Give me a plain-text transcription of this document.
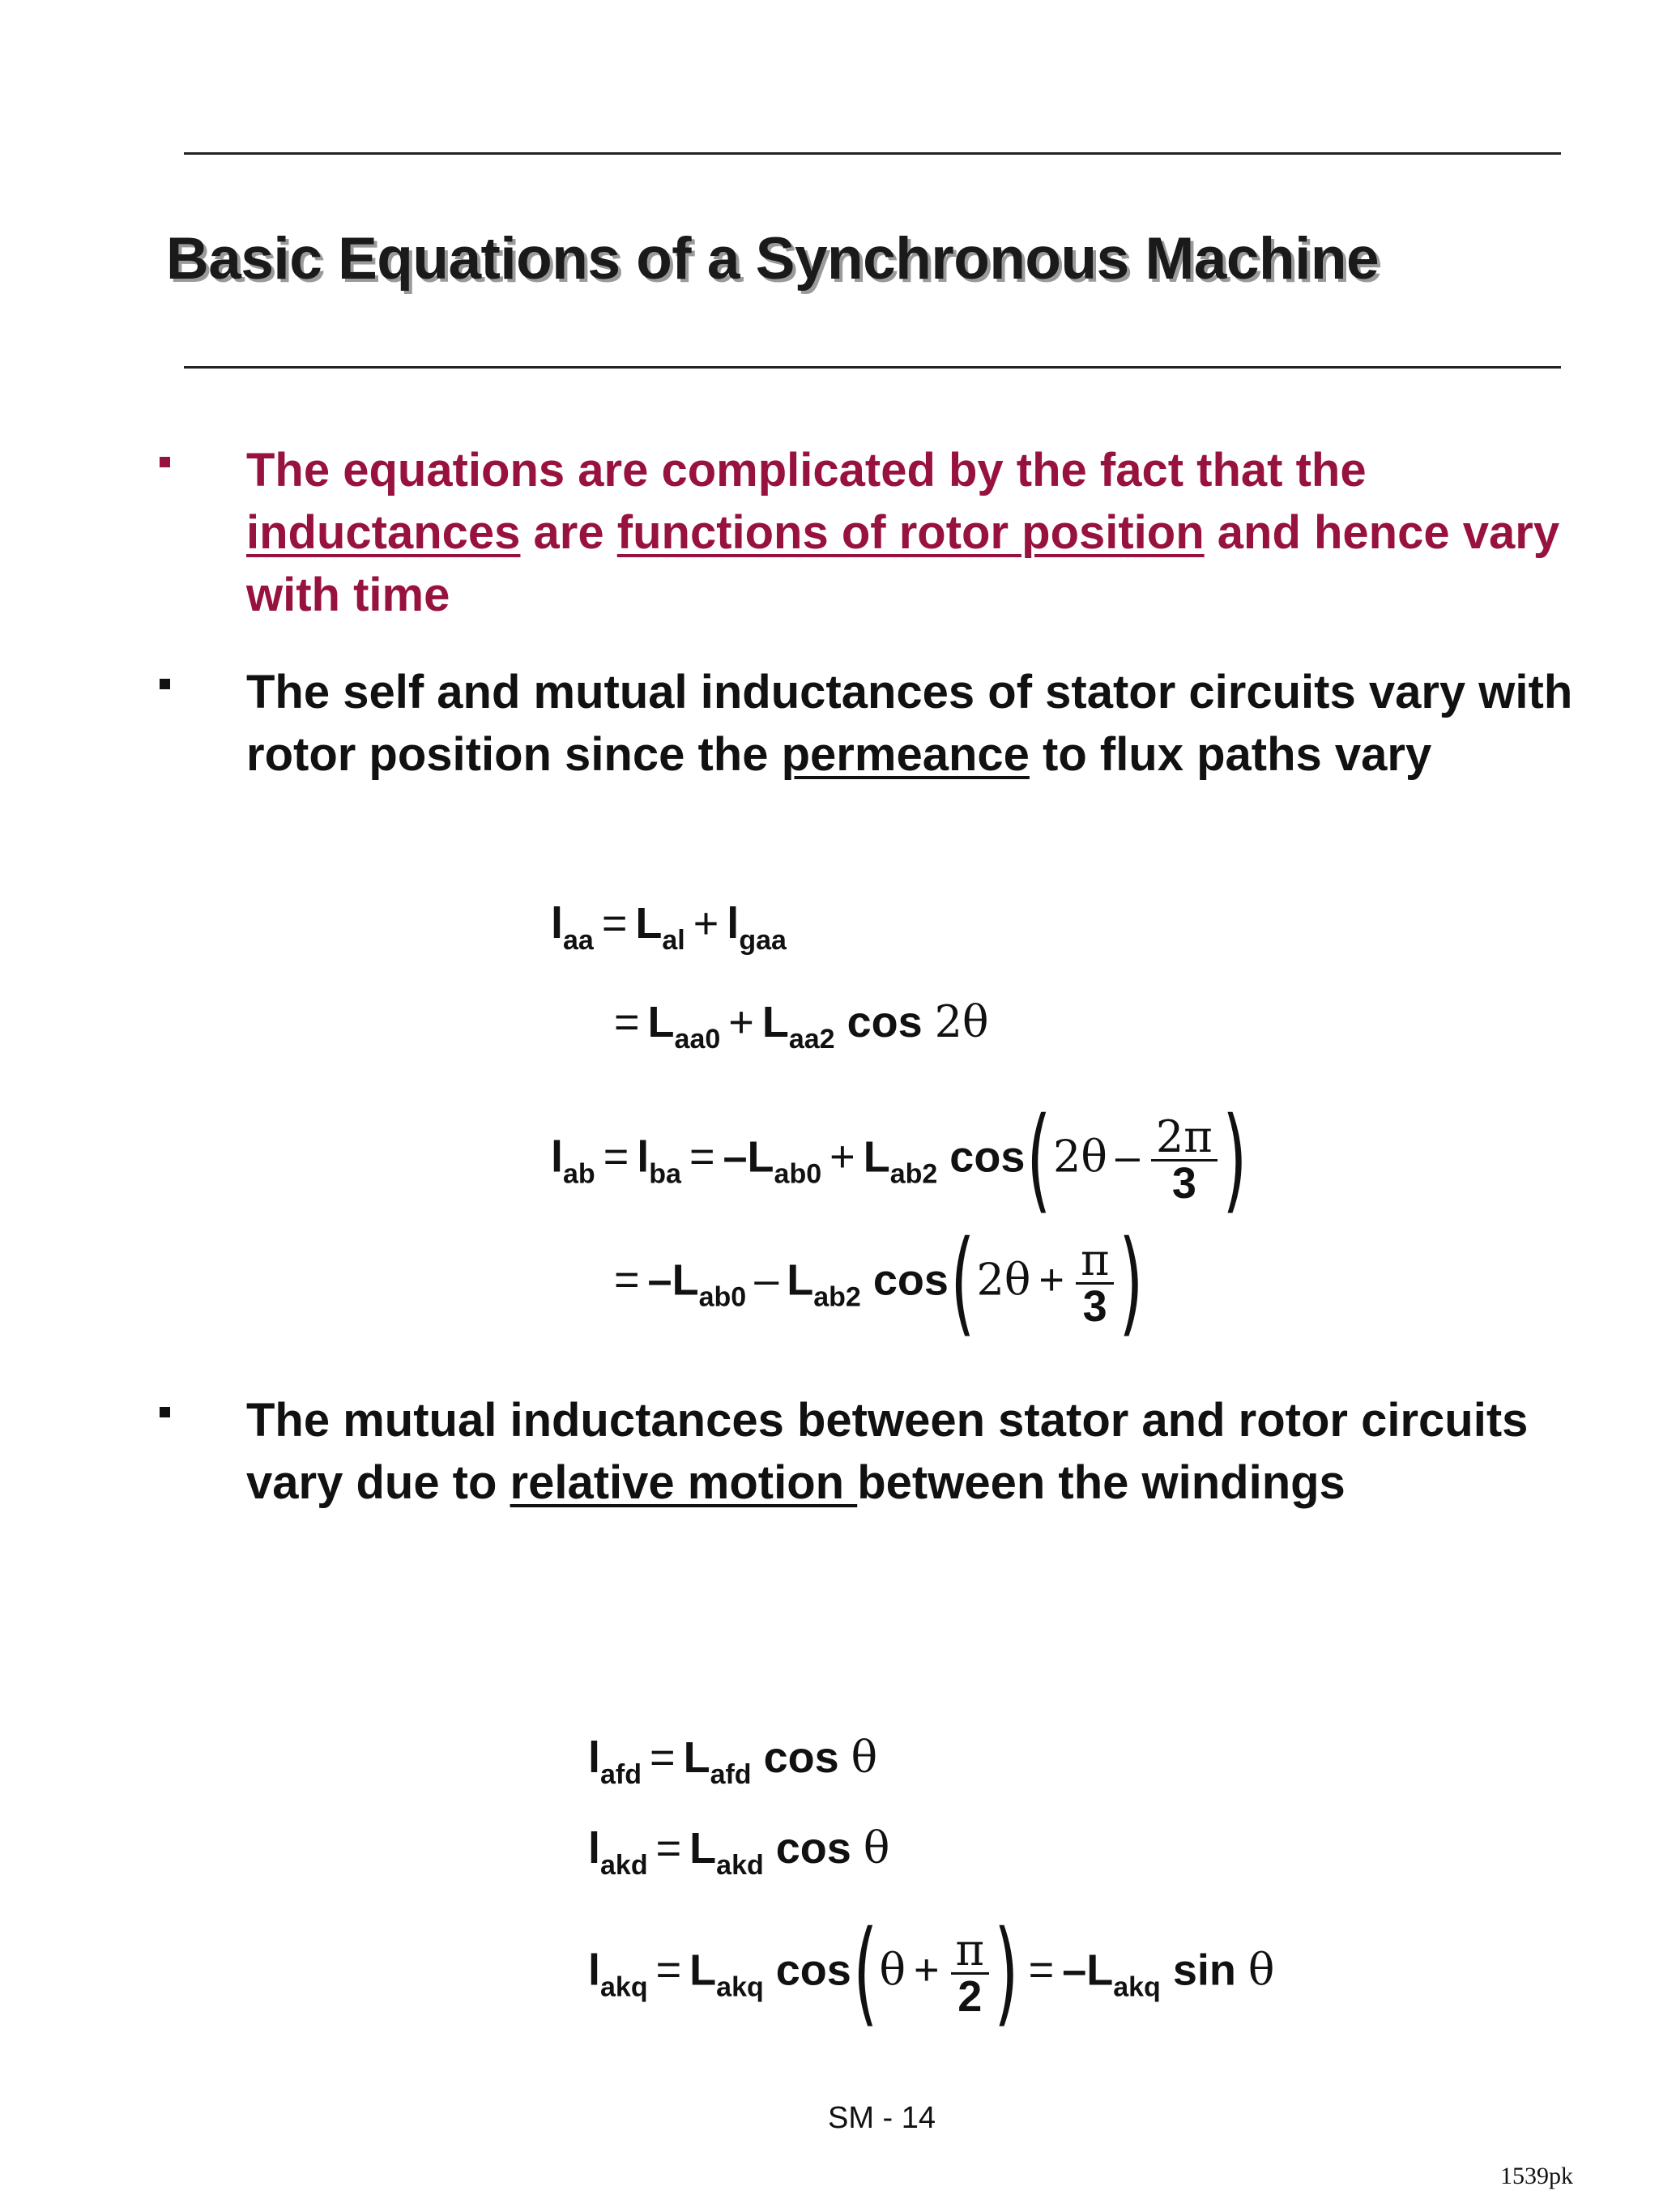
Basic Equations of a Synchronous Machine
The equations are complicated by the fact that the inductances are functions of rotor position and hence vary with time
The self and mutual inductances of stator circuits vary with rotor position since the permeance to flux paths vary
$l_{aa} = L_{al} + l_{gaa}$
= $L_{aa0} + L_{aa2}$ cos 2θ
$l_{ab} = l_{ba} = -L_{ab0} + L_{ab2}$ $\cos(2\theta - \frac{2\pi}{3}$ )
= $-L_{ab0} - L_{ab2}$ $\cos(2\theta + \frac{\pi}{3}$ )
The mutual inductances between stator and rotor circuits vary due to relative motion between the windings
$l_{afd} = L_{afd}$ cos θ
$l_{akd} = L_{akd}$ cos θ
$l_{akq} = L_{akq}$ $\cos(\theta + \frac{\pi}{2}$ ) = $-L_{akq}$ sin θ
SM - 14
1539pk
